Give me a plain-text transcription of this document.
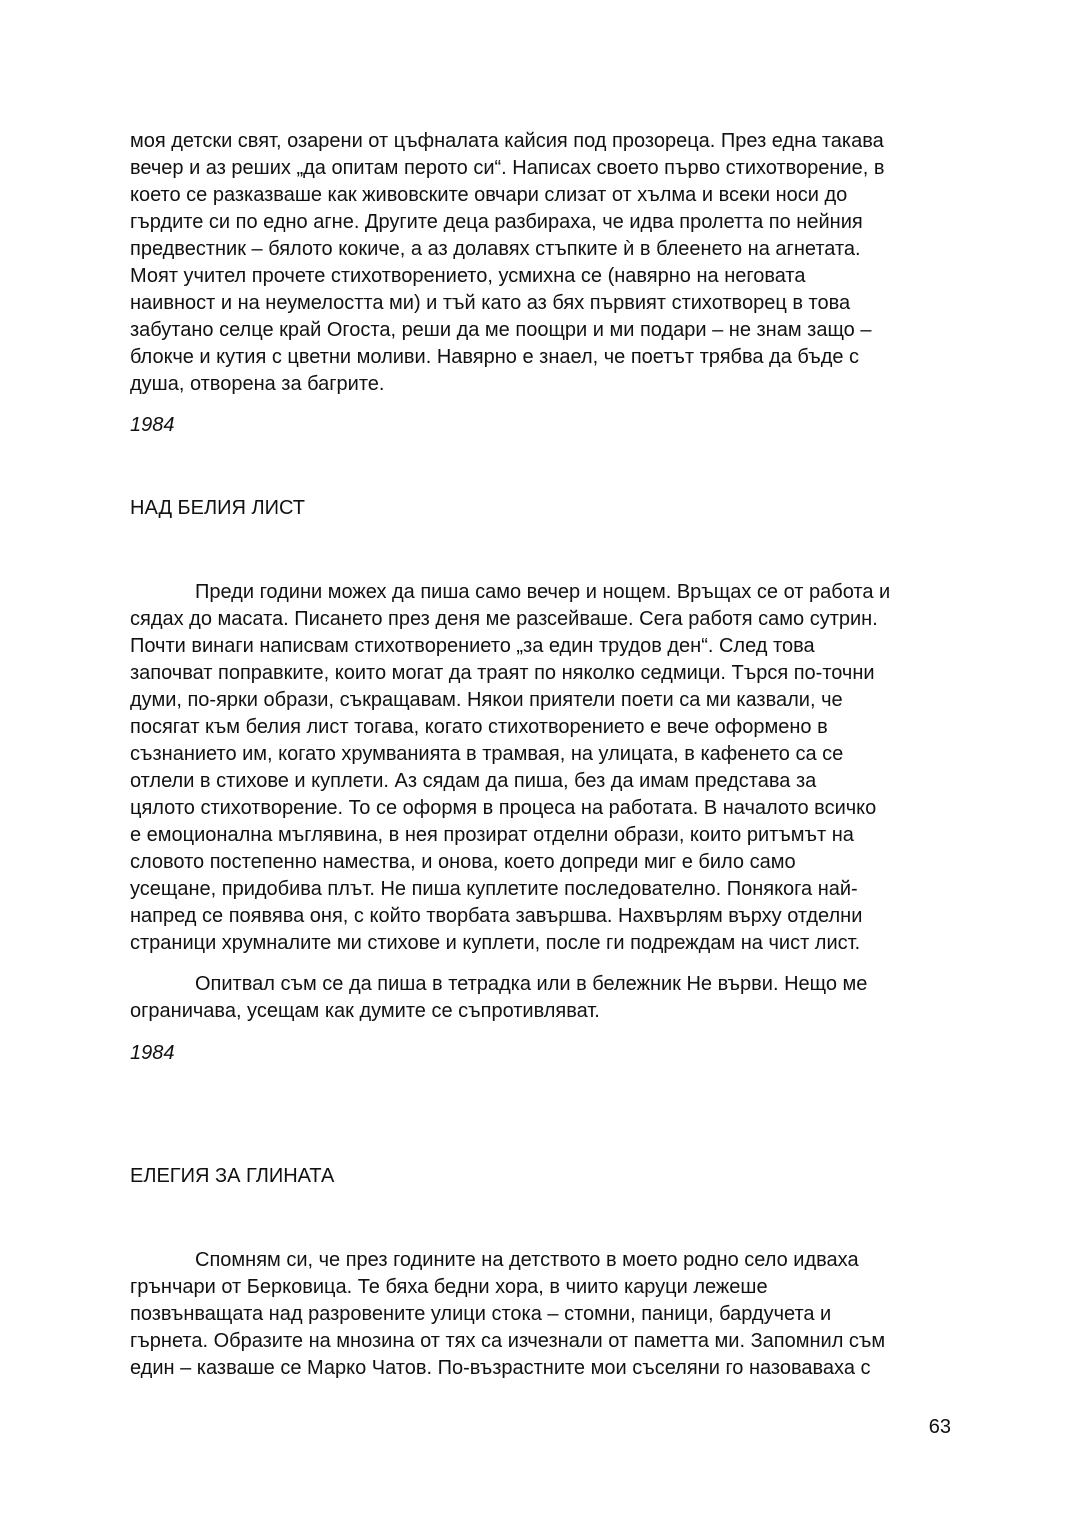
моя детски свят, озарени от цъфналата кайсия под прозореца. През една такава
вечер и аз реших „да опитам перото си“. Написах своето първо стихотворение, в
което се разказваше как живовските овчари слизат от хълма и всеки носи до
гърдите си по едно агне. Другите деца разбираха, че идва пролетта по нейния
предвестник – бялото кокиче, а аз долавях стъпките ѝ в блеенето на агнетата.
Моят учител прочете стихотворението, усмихна се (навярно на неговата
наивност и на неумелостта ми) и тъй като аз бях първият стихотворец в това
забутано селце край Огоста, реши да ме поощри и ми подари – не знам защо –
блокче и кутия с цветни моливи. Навярно е знаел, че поетът трябва да бъде с
душа, отворена за багрите.
1984
НАД БЕЛИЯ ЛИСТ
Преди години можех да пиша само вечер и нощем. Връщах се от работа и
сядах до масата. Писането през деня ме разсейваше. Сега работя само сутрин.
Почти винаги написвам стихотворението „за един трудов ден“. След това
започват поправките, които могат да траят по няколко седмици. Търся по-точни
думи, по-ярки образи, съкращавам. Някои приятели поети са ми казвали, че
посягат към белия лист тогава, когато стихотворението е вече оформено в
съзнанието им, когато хрумванията в трамвая, на улицата, в кафенето са се
отлели в стихове и куплети. Аз сядам да пиша, без да имам представа за
цялото стихотворение. То се оформя в процеса на работата. В началото всичко
е емоционална мъглявина, в нея прозират отделни образи, които ритъмът на
словото постепенно намества, и онова, което допреди миг е било само
усещане, придобива плът. Не пиша куплетите последователно. Понякога най-
напред се появява оня, с който творбата завършва. Нахвърлям върху отделни
страници хрумналите ми стихове и куплети, после ги подреждам на чист лист.
Опитвал съм се да пиша в тетрадка или в бележник Не върви. Нещо ме
ограничава, усещам как думите се съпротивляват.
1984
ЕЛЕГИЯ ЗА ГЛИНАТА
Спомням си, че през годините на детството в моето родно село идваха
грънчари от Берковица. Те бяха бедни хора, в чиито каруци лежеше
позвънващата над разровените улици стока – стомни, паници, бардучета и
гърнета. Образите на мнозина от тях са изчезнали от паметта ми. Запомнил съм
един – казваше се Марко Чатов. По-възрастните мои съселяни го назоваваха с
63
